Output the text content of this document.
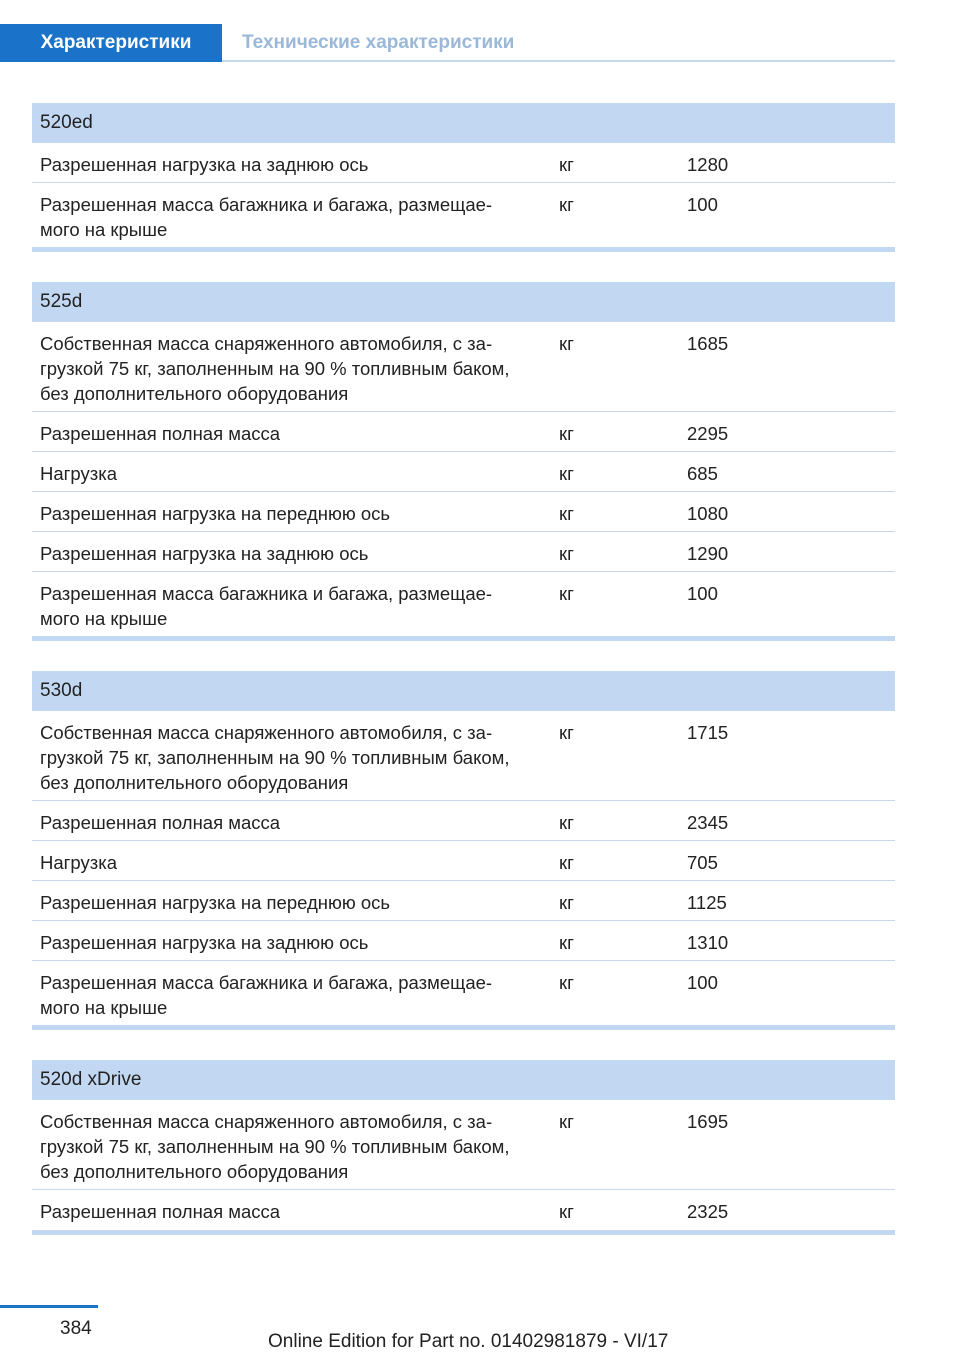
Характеристики	Технические характеристики
520ed
Разрешенная нагрузка на заднюю ось	кг	1280
Разрешенная масса багажника и багажа, размещае-
мого на крыше
кг	100
525d
Собственная масса снаряженного автомобиля, с за-
грузкой 75 кг, заполненным на 90 % топливным баком,
без дополнительного оборудования
кг	1685
Разрешенная полная масса	кг	2295
Нагрузка	кг	685
Разрешенная нагрузка на переднюю ось	кг	1080
Разрешенная нагрузка на заднюю ось	кг	1290
Разрешенная масса багажника и багажа, размещае-
мого на крыше
кг	100
530d
Собственная масса снаряженного автомобиля, с за-
грузкой 75 кг, заполненным на 90 % топливным баком,
без дополнительного оборудования
кг	1715
Разрешенная полная масса	кг	2345
Нагрузка	кг	705
Разрешенная нагрузка на переднюю ось	кг	1125
Разрешенная нагрузка на заднюю ось	кг	1310
Разрешенная масса багажника и багажа, размещае-
мого на крыше
кг	100
520d xDrive
Собственная масса снаряженного автомобиля, с за-
грузкой 75 кг, заполненным на 90 % топливным баком,
без дополнительного оборудования
кг	1695
Разрешенная полная масса	кг	2325
384
Online Edition for Part no. 01402981879 - VI/17
